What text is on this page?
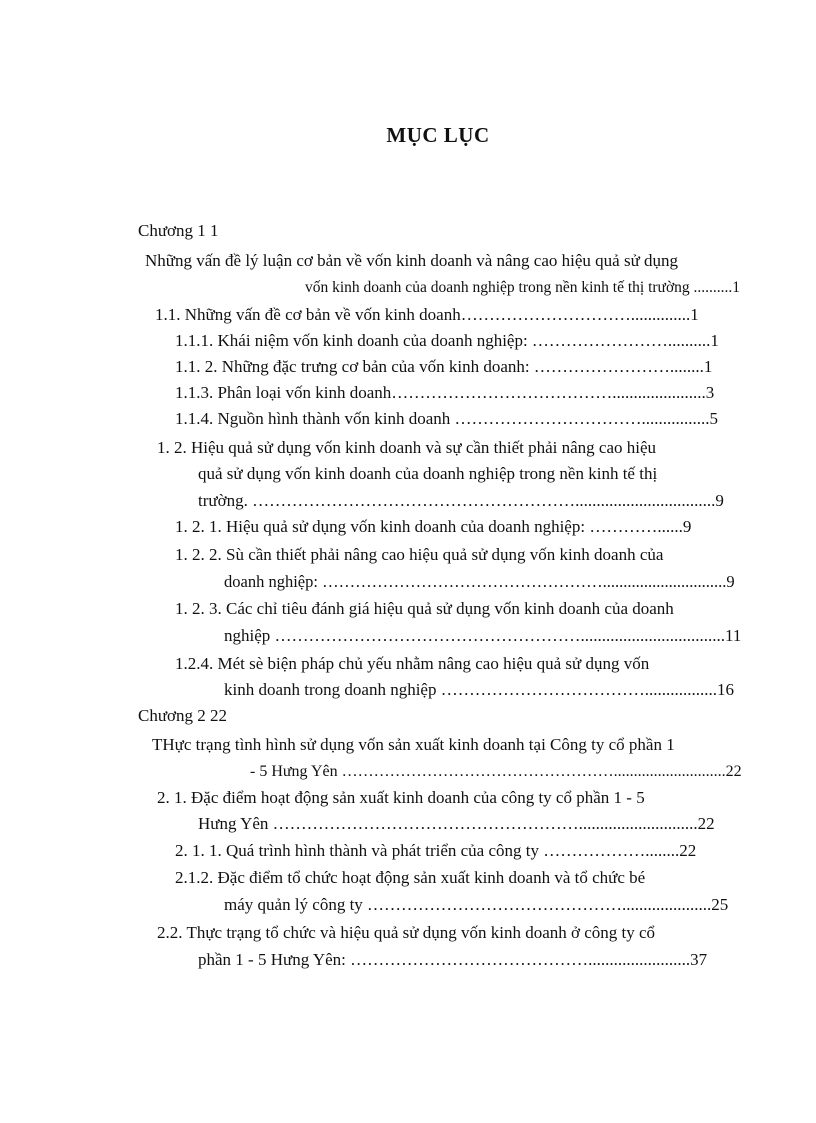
MỤC LỤC
Chương 1 1
Những vấn đề lý luận cơ bản về vốn kinh doanh và nâng cao hiệu quả sử dụng
vốn kinh doanh của doanh nghiệp trong nền kinh tế thị trường ..........1
1.1. Những vấn đề cơ bản về vốn kinh doanh…………………………..............1
1.1.1. Khái niệm vốn kinh doanh của doanh nghiệp: ……………………..........1
1.1. 2. Những đặc trưng cơ bản của vốn kinh doanh: ……………………........1
1.1.3. Phân loại vốn kinh doanh…………………………………......................3
1.1.4. Nguồn hình thành vốn kinh doanh ……………………………................5
1. 2. Hiệu quả sử dụng vốn kinh doanh và sự cần thiết phải nâng cao hiệu
quả sử dụng vốn kinh doanh của doanh nghiệp trong nền kinh tế thị
trường. ………………………………………………….................................9
1. 2. 1. Hiệu quả sử dụng vốn kinh doanh của doanh nghiệp: …………......9
1. 2. 2. Sù cần thiết phải nâng cao hiệu quả sử dụng vốn kinh doanh của
doanh nghiệp: ……………………………………………..............................9
1. 2. 3. Các chỉ tiêu đánh giá hiệu quả sử dụng vốn kinh doanh của doanh
nghiệp ………………………………………………..................................11
1.2.4. Mét sè biện pháp chủ yếu nhằm nâng cao hiệu quả sử dụng vốn
kinh doanh trong doanh nghiệp ……………………………….................16
Chương 2 22
THực trạng tình hình sử dụng vốn sản xuất kinh doanh tại Công ty cổ phần 1
- 5 Hưng Yên ……………………………………………............................22
2. 1. Đặc điểm hoạt động sản xuất kinh doanh của công ty cổ phần 1 - 5
Hưng Yên ………………………………………………............................22
2. 1. 1. Quá trình hình thành và phát triển của công ty ………………........22
2.1.2. Đặc điểm tổ chức hoạt động sản xuất kinh doanh và tổ chức bé
máy quản lý công ty ……………………………………….....................25
2.2. Thực trạng tổ chức và hiệu quả sử dụng vốn kinh doanh ở công ty cổ
phần 1 - 5 Hưng Yên: ……………………………………........................37
